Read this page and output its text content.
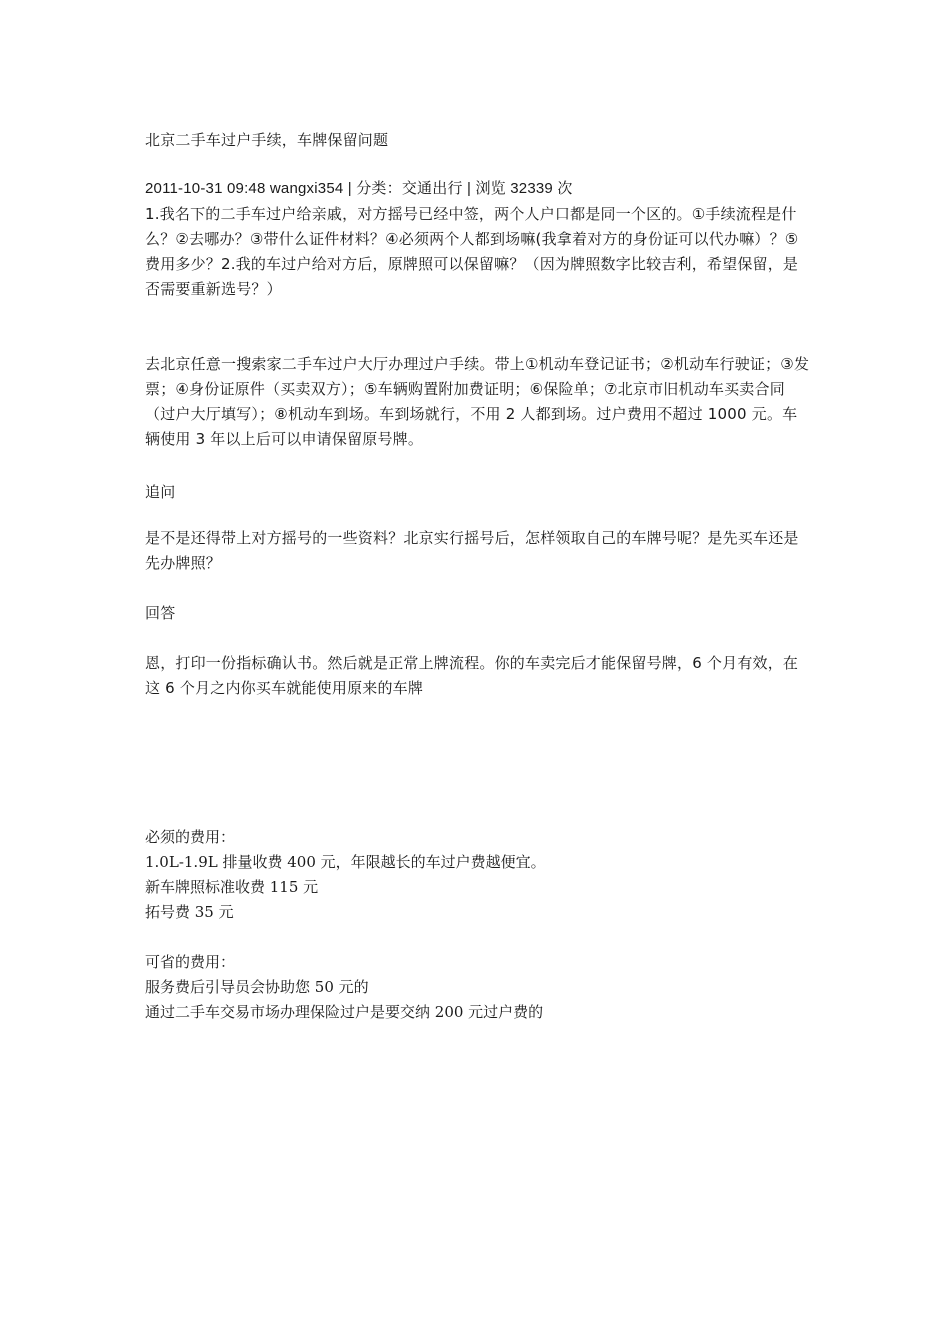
北京二手车过户手续，车牌保留问题

2011-10-31 09:48 wangxi354 | 分类：交通出行 | 浏览 32339 次

1.我名下的二手车过户给亲戚，对方摇号已经中签，两个人户口都是同一个区的。①手续流程是什么？②去哪办？③带什么证件材料？④必须两个人都到场嘛(我拿着对方的身份证可以代办嘛）？⑤费用多少？2.我的车过户给对方后，原牌照可以保留嘛？（因为牌照数字比较吉利，希望保留，是否需要重新选号？）

去北京任意一搜索家二手车过户大厅办理过户手续。带上①机动车登记证书；②机动车行驶证；③发票；④身份证原件（买卖双方）；⑤车辆购置附加费证明；⑥保险单；⑦北京市旧机动车买卖合同（过户大厅填写）；⑧机动车到场。车到场就行，不用 2 人都到场。过户费用不超过 1000 元。车辆使用 3 年以上后可以申请保留原号牌。

追问

是不是还得带上对方摇号的一些资料？北京实行摇号后，怎样领取自己的车牌号呢？是先买车还是先办牌照？

回答

恩，打印一份指标确认书。然后就是正常上牌流程。你的车卖完后才能保留号牌，6 个月有效，在这 6 个月之内你买车就能使用原来的车牌

必须的费用：

1.0L-1.9L 排量收费 400 元，年限越长的车过户费越便宜。

新车牌照标准收费 115 元

拓号费 35 元

可省的费用：

服务费后引导员会协助您 50 元的

通过二手车交易市场办理保险过户是要交纳 200 元过户费的
